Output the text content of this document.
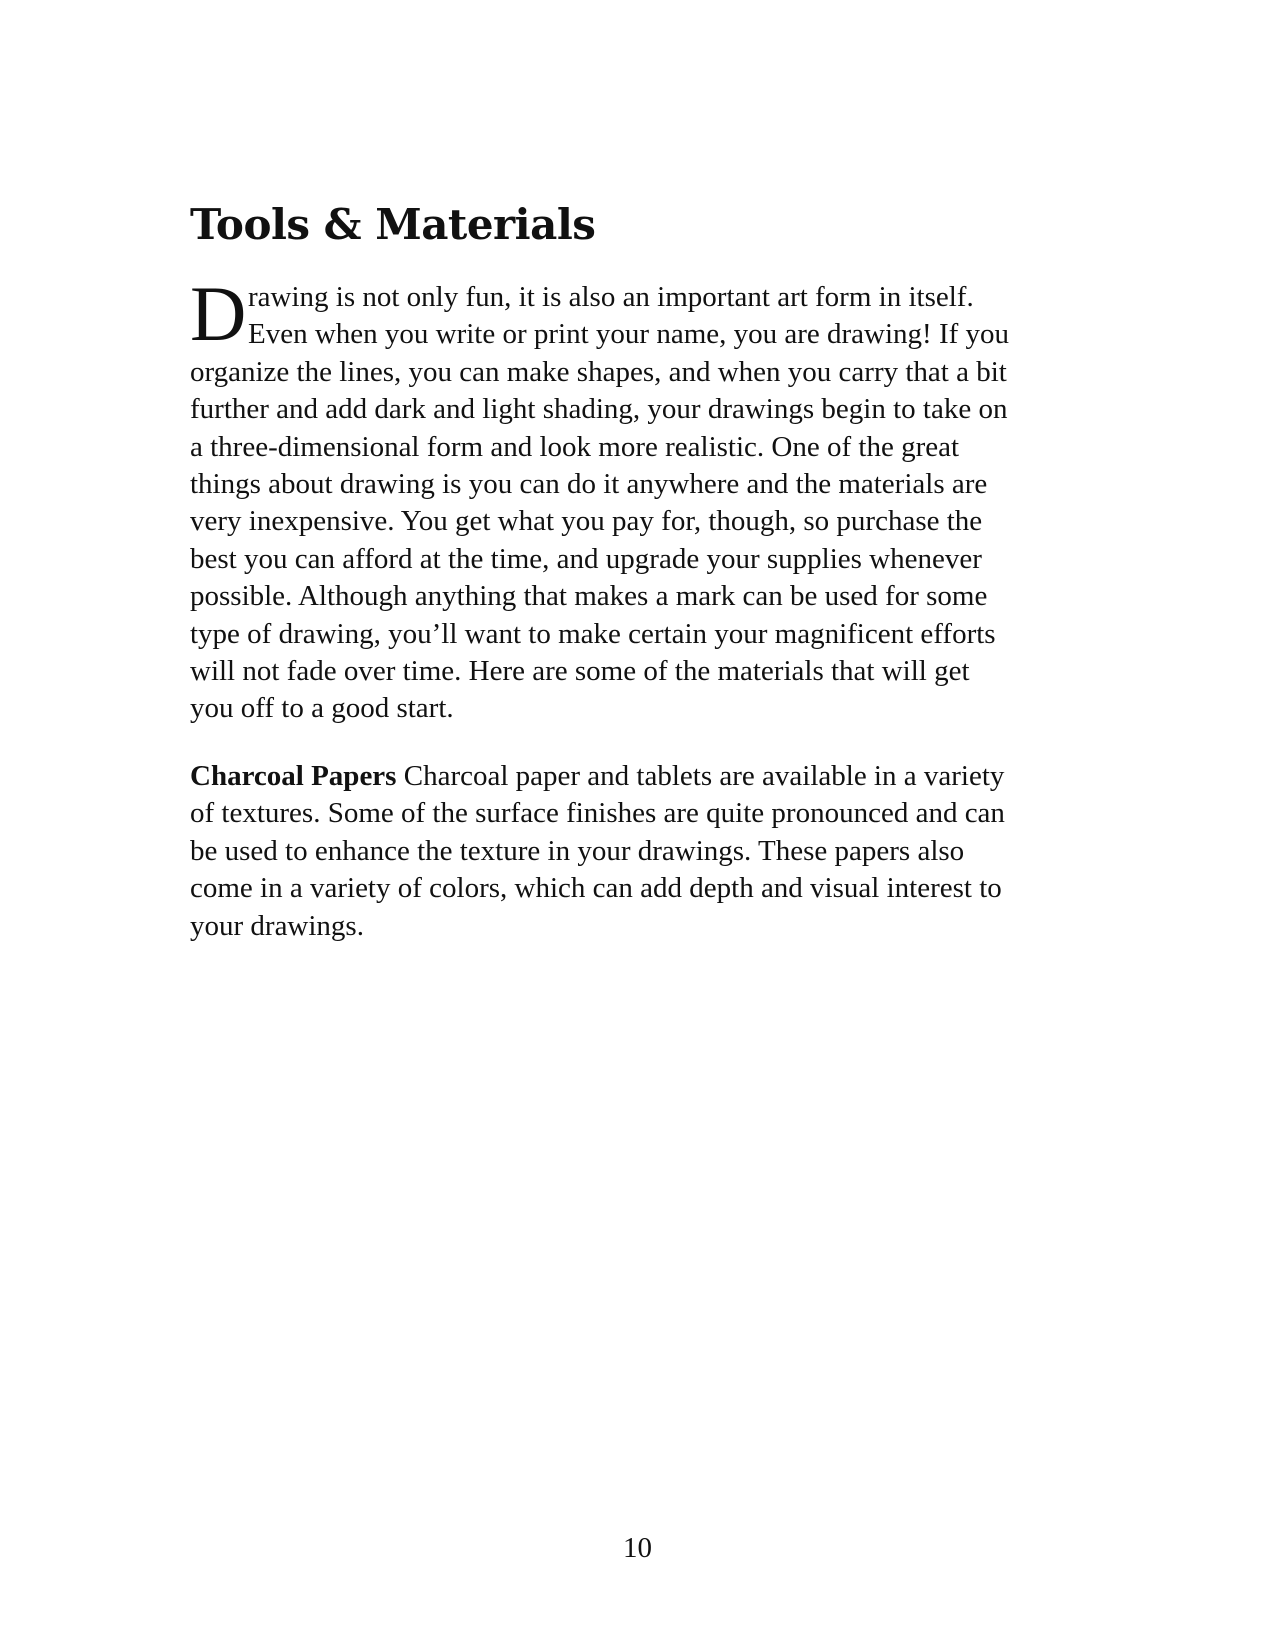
Tools & Materials
D rawing is not only fun, it is also an important art form in itself.
Even when you write or print your name, you are drawing! If you
organize the lines, you can make shapes, and when you carry that a bit
further and add dark and light shading, your drawings begin to take on
a three-dimensional form and look more realistic. One of the great
things about drawing is you can do it anywhere and the materials are
very inexpensive. You get what you pay for, though, so purchase the
best you can afford at the time, and upgrade your supplies whenever
possible. Although anything that makes a mark can be used for some
type of drawing, you’ll want to make certain your magnificent efforts
will not fade over time. Here are some of the materials that will get
you off to a good start.
Charcoal Papers Charcoal paper and tablets are available in a variety
of textures. Some of the surface finishes are quite pronounced and can
be used to enhance the texture in your drawings. These papers also
come in a variety of colors, which can add depth and visual interest to
your drawings.
10
